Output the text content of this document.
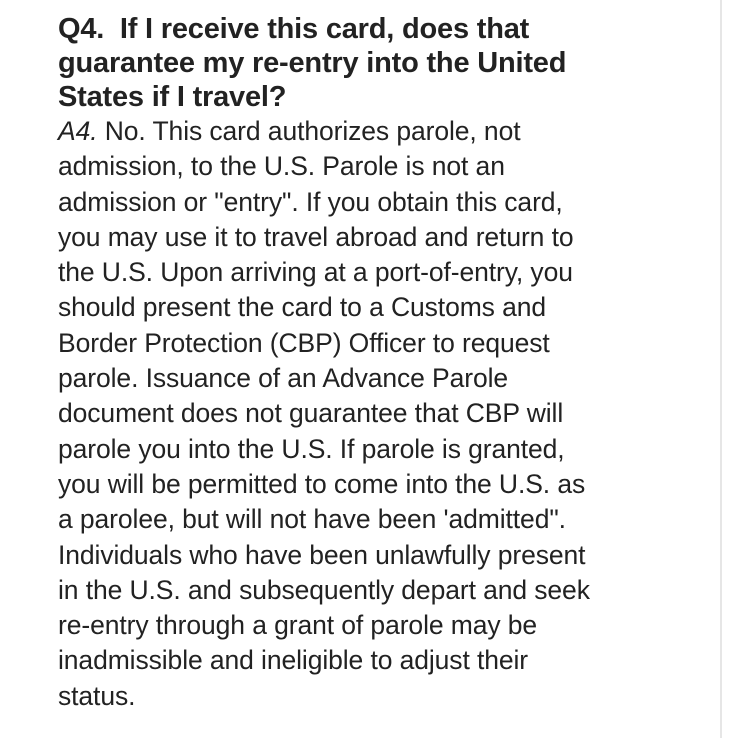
Q4. If I receive this card, does that
guarantee my re-entry into the United
States if I travel?

A4. No. This card authorizes parole, not
admission, to the U.S. Parole is not an
admission or "entry". If you obtain this card,
you may use it to travel abroad and return to
the U.S. Upon arriving at a port-of-entry, you
should present the card to a Customs and
Border Protection (CBP) Officer to request
parole. Issuance of an Advance Parole
document does not guarantee that CBP will
parole you into the U.S. If parole is granted,
you will be permitted to come into the U.S. as
a parolee, but will not have been 'admitted".
Individuals who have been unlawfully present
in the U.S. and subsequently depart and seek
re-entry through a grant of parole may be
inadmissible and ineligible to adjust their
status.
